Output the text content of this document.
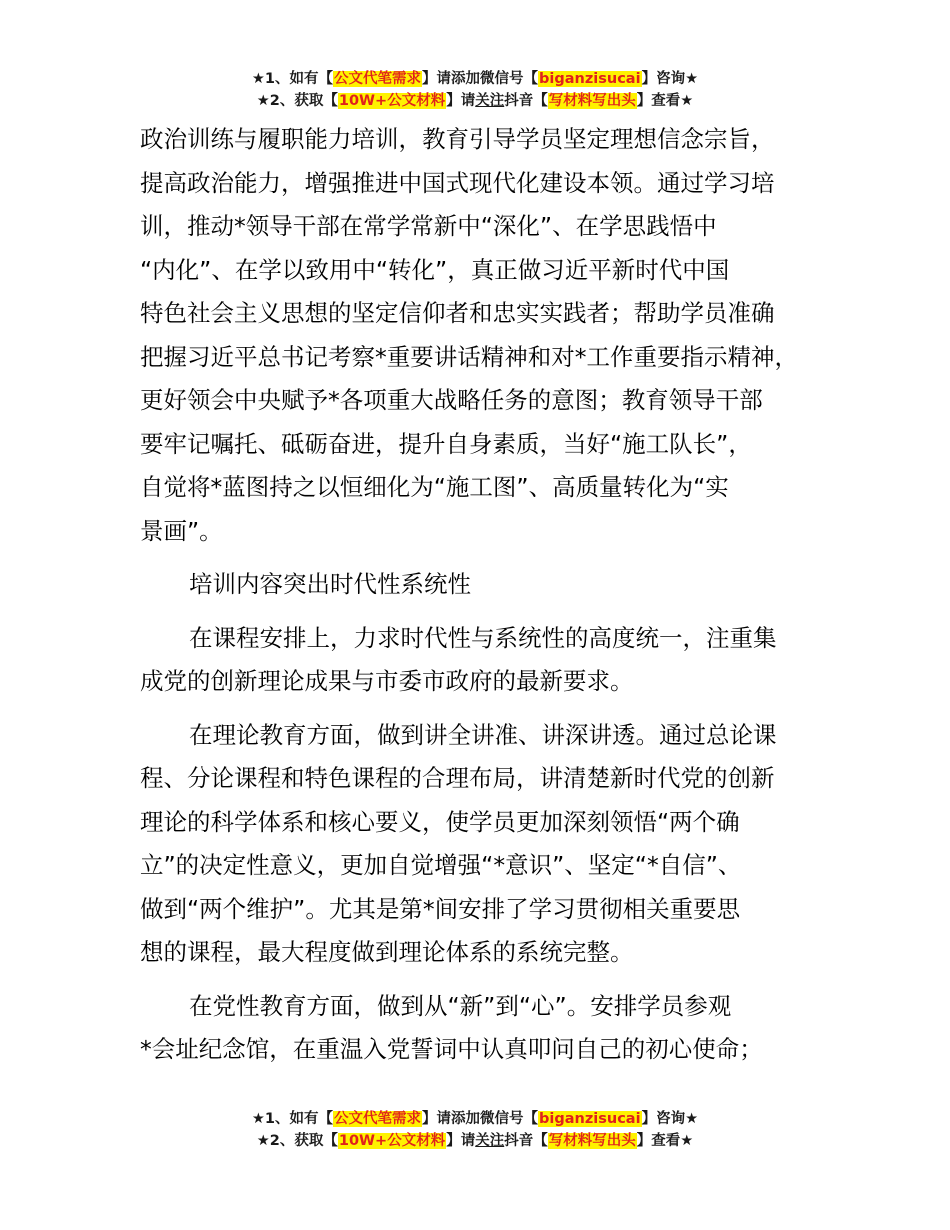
★1、如有【公文代笔需求】请添加微信号【biganzisucai】咨询★
★2、获取【10W+公文材料】请关注抖音【写材料写出头】查看★

政治训练与履职能力培训，教育引导学员坚定理想信念宗旨，
提高政治能力，增强推进中国式现代化建设本领。通过学习培
训，推动*领导干部在常学常新中“深化”、在学思践悟中
“内化”、在学以致用中“转化”，真正做习近平新时代中国
特色社会主义思想的坚定信仰者和忠实实践者；帮助学员准确
把握习近平总书记考察*重要讲话精神和对*工作重要指示精神，
更好领会中央赋予*各项重大战略任务的意图；教育领导干部
要牢记嘱托、砥砺奋进，提升自身素质，当好“施工队长”，
自觉将*蓝图持之以恒细化为“施工图”、高质量转化为“实
景画”。

培训内容突出时代性系统性

在课程安排上，力求时代性与系统性的高度统一，注重集
成党的创新理论成果与市委市政府的最新要求。

在理论教育方面，做到讲全讲准、讲深讲透。通过总论课
程、分论课程和特色课程的合理布局，讲清楚新时代党的创新
理论的科学体系和核心要义，使学员更加深刻领悟“两个确
立”的决定性意义，更加自觉增强“*意识”、坚定“*自信”、
做到“两个维护”。尤其是第*间安排了学习贯彻相关重要思
想的课程，最大程度做到理论体系的系统完整。

在党性教育方面，做到从“新”到“心”。安排学员参观
*会址纪念馆，在重温入党誓词中认真叩问自己的初心使命；

★1、如有【公文代笔需求】请添加微信号【biganzisucai】咨询★
★2、获取【10W+公文材料】请关注抖音【写材料写出头】查看★
